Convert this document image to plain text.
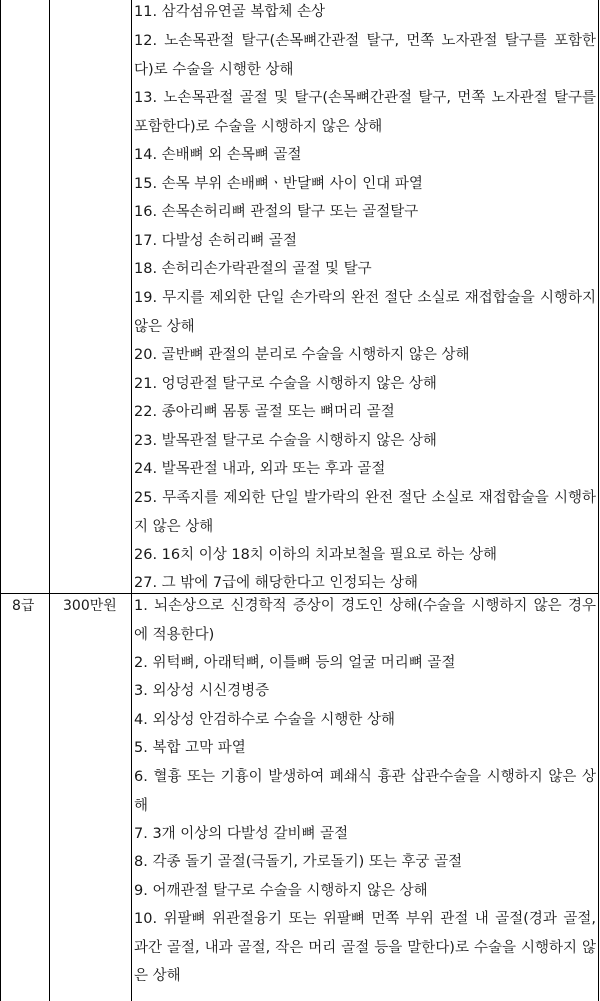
8급 300만원
11. 삼각섬유연골 복합체 손상
12. 노손목관절 탈구(손목뼈간관절 탈구, 먼쪽 노자관절 탈구를 포함한다)로 수술을 시행한 상해
13. 노손목관절 골절 및 탈구(손목뼈간관절 탈구, 먼쪽 노자관절 탈구를 포함한다)로 수술을 시행하지 않은 상해
14. 손배뼈 외 손목뼈 골절
15. 손목 부위 손배뼈ㆍ반달뼈 사이 인대 파열
16. 손목손허리뼈 관절의 탈구 또는 골절탈구
17. 다발성 손허리뼈 골절
18. 손허리손가락관절의 골절 및 탈구
19. 무지를 제외한 단일 손가락의 완전 절단 소실로 재접합술을 시행하지 않은 상해
20. 골반뼈 관절의 분리로 수술을 시행하지 않은 상해
21. 엉덩관절 탈구로 수술을 시행하지 않은 상해
22. 종아리뼈 몸통 골절 또는 뼈머리 골절
23. 발목관절 탈구로 수술을 시행하지 않은 상해
24. 발목관절 내과, 외과 또는 후과 골절
25. 무족지를 제외한 단일 발가락의 완전 절단 소실로 재접합술을 시행하지 않은 상해
26. 16치 이상 18치 이하의 치과보철을 필요로 하는 상해
27. 그 밖에 7급에 해당한다고 인정되는 상해
1. 뇌손상으로 신경학적 증상이 경도인 상해(수술을 시행하지 않은 경우에 적용한다)
2. 위턱뼈, 아래턱뼈, 이틀뼈 등의 얼굴 머리뼈 골절
3. 외상성 시신경병증
4. 외상성 안검하수로 수술을 시행한 상해
5. 복합 고막 파열
6. 혈흉 또는 기흉이 발생하여 폐쇄식 흉관 삽관수술을 시행하지 않은 상해
7. 3개 이상의 다발성 갈비뼈 골절
8. 각종 돌기 골절(극돌기, 가로돌기) 또는 후궁 골절
9. 어깨관절 탈구로 수술을 시행하지 않은 상해
10. 위팔뼈 위관절융기 또는 위팔뼈 먼쪽 부위 관절 내 골절(경과 골절, 과간 골절, 내과 골절, 작은 머리 골절 등을 말한다)로 수술을 시행하지 않은 상해
